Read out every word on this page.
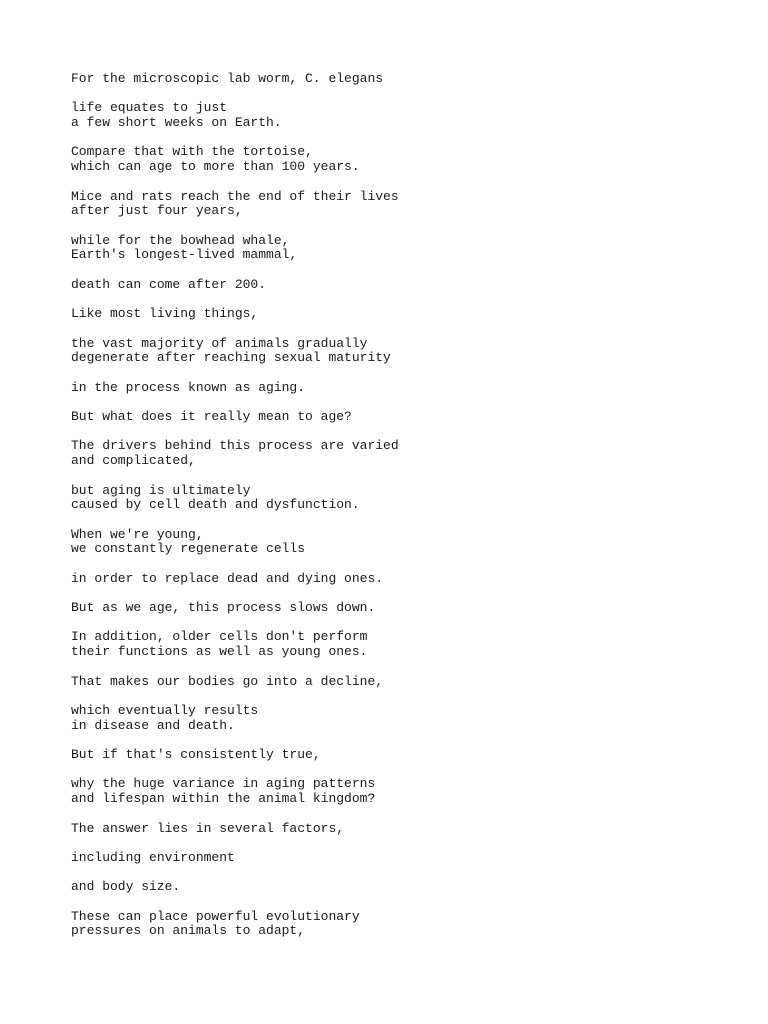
For the microscopic lab worm, C. elegans
life equates to just
a few short weeks on Earth.
Compare that with the tortoise,
which can age to more than 100 years.
Mice and rats reach the end of their lives
after just four years,
while for the bowhead whale,
Earth's longest-lived mammal,
death can come after 200.
Like most living things,
the vast majority of animals gradually
degenerate after reaching sexual maturity
in the process known as aging.
But what does it really mean to age?
The drivers behind this process are varied
and complicated,
but aging is ultimately
caused by cell death and dysfunction.
When we're young,
we constantly regenerate cells
in order to replace dead and dying ones.
But as we age, this process slows down.
In addition, older cells don't perform
their functions as well as young ones.
That makes our bodies go into a decline,
which eventually results
in disease and death.
But if that's consistently true,
why the huge variance in aging patterns
and lifespan within the animal kingdom?
The answer lies in several factors,
including environment
and body size.
These can place powerful evolutionary
pressures on animals to adapt,
